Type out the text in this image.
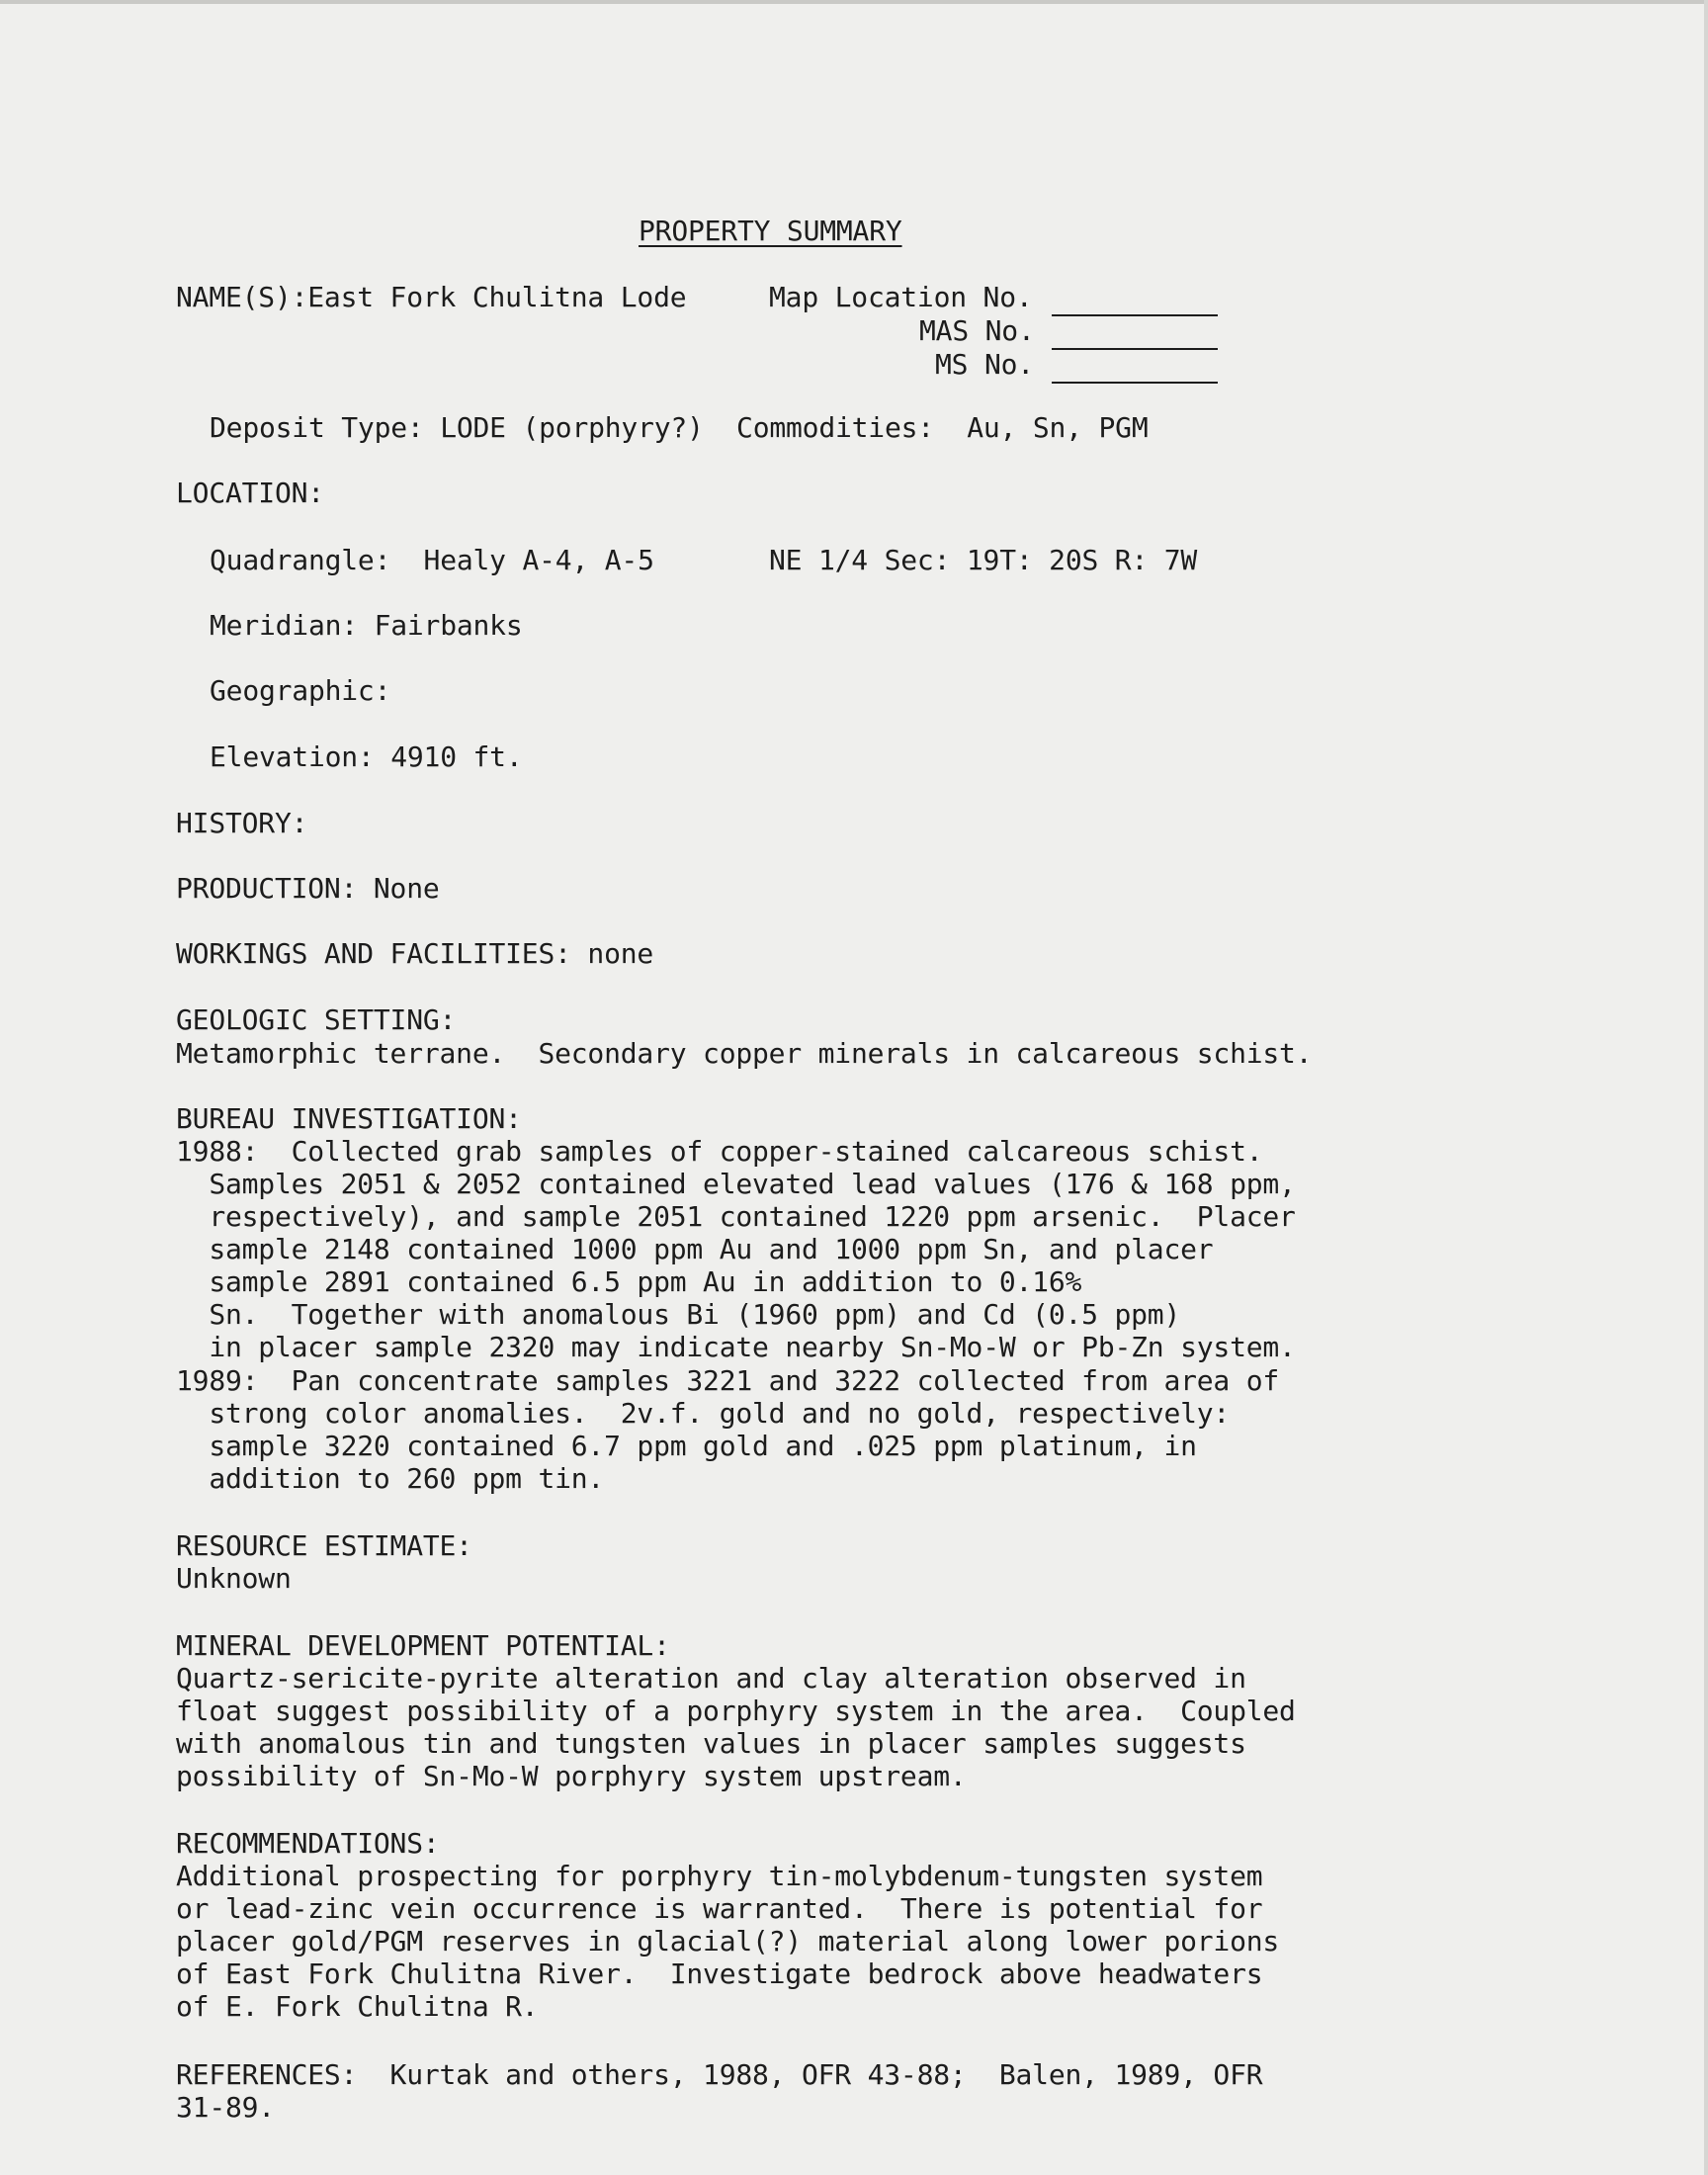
PROPERTY SUMMARY
NAME(S):East Fork Chulitna Lode	Map Location No.
MAS No.
MS No.
Deposit Type: LODE (porphyry?)  Commodities:  Au, Sn, PGM
LOCATION:
Quadrangle:  Healy A-4, A-5	NE 1/4 Sec: 19T: 20S R: 7W
Meridian: Fairbanks
Geographic:
Elevation: 4910 ft.
HISTORY:
PRODUCTION: None
WORKINGS AND FACILITIES: none
GEOLOGIC SETTING:
Metamorphic terrane.  Secondary copper minerals in calcareous schist.
BUREAU INVESTIGATION:
1988:  Collected grab samples of copper-stained calcareous schist.
Samples 2051 & 2052 contained elevated lead values (176 & 168 ppm,
respectively), and sample 2051 contained 1220 ppm arsenic.  Placer
sample 2148 contained 1000 ppm Au and 1000 ppm Sn, and placer
sample 2891 contained 6.5 ppm Au in addition to 0.16%
Sn.  Together with anomalous Bi (1960 ppm) and Cd (0.5 ppm)
in placer sample 2320 may indicate nearby Sn-Mo-W or Pb-Zn system.
1989:  Pan concentrate samples 3221 and 3222 collected from area of
strong color anomalies.  2v.f. gold and no gold, respectively:
sample 3220 contained 6.7 ppm gold and .025 ppm platinum, in
addition to 260 ppm tin.
RESOURCE ESTIMATE:
Unknown
MINERAL DEVELOPMENT POTENTIAL:
Quartz-sericite-pyrite alteration and clay alteration observed in
float suggest possibility of a porphyry system in the area.  Coupled
with anomalous tin and tungsten values in placer samples suggests
possibility of Sn-Mo-W porphyry system upstream.
RECOMMENDATIONS:
Additional prospecting for porphyry tin-molybdenum-tungsten system
or lead-zinc vein occurrence is warranted.  There is potential for
placer gold/PGM reserves in glacial(?) material along lower porions
of East Fork Chulitna River.  Investigate bedrock above headwaters
of E. Fork Chulitna R.
REFERENCES:  Kurtak and others, 1988, OFR 43-88;  Balen, 1989, OFR
31-89.
